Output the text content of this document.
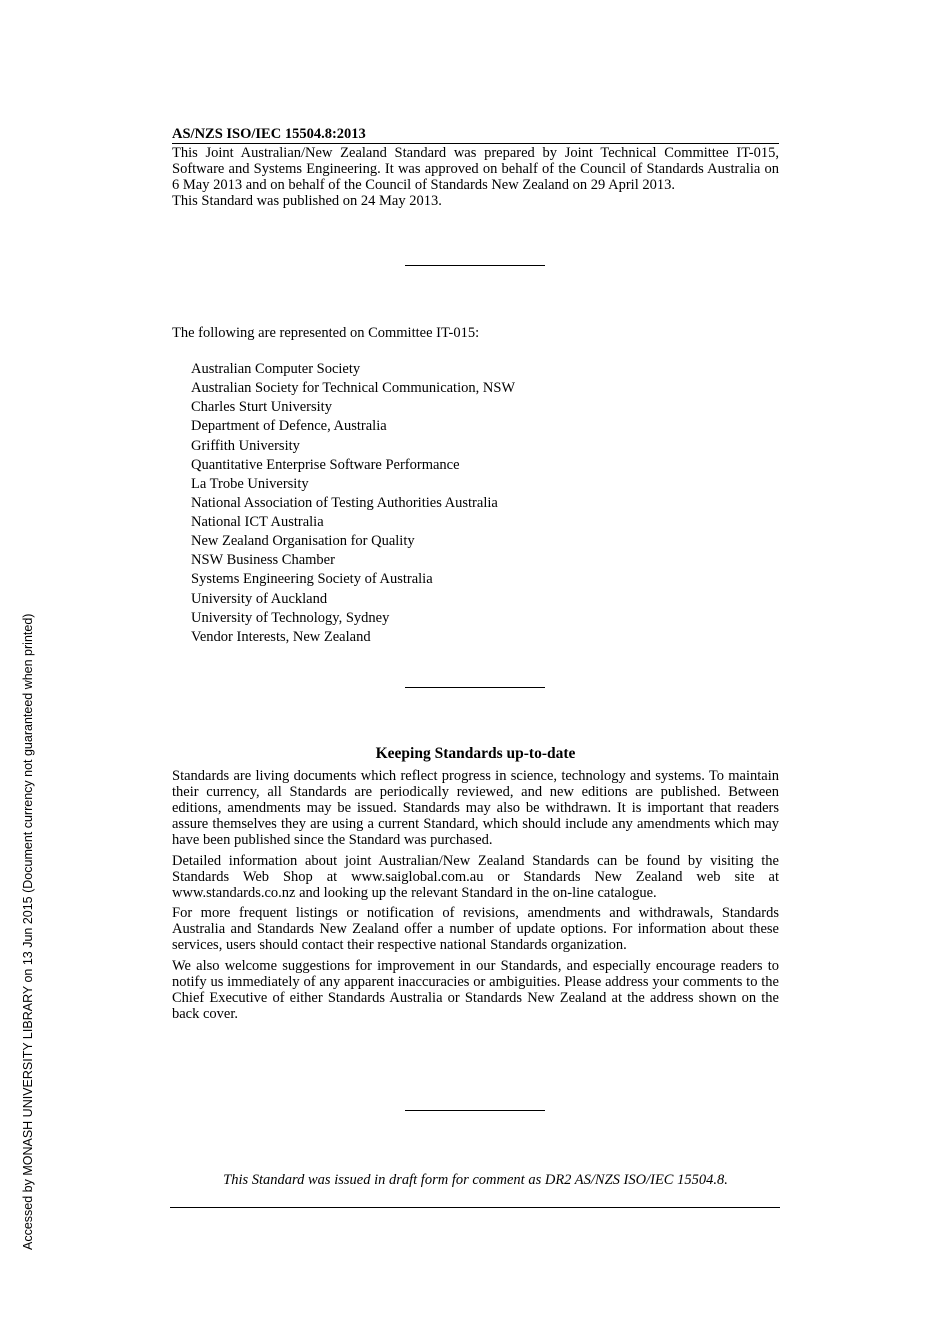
Accessed by MONASH UNIVERSITY LIBRARY on 13 Jun 2015 (Document currency not guaranteed when printed)
AS/NZS ISO/IEC 15504.8:2013

This Joint Australian/New Zealand Standard was prepared by Joint Technical Committee IT-015, Software and Systems Engineering. It was approved on behalf of the Council of Standards Australia on 6 May 2013 and on behalf of the Council of Standards New Zealand on 29 April 2013.

This Standard was published on 24 May 2013.

The following are represented on Committee IT-015:
Australian Computer Society
Australian Society for Technical Communication, NSW
Charles Sturt University
Department of Defence, Australia
Griffith University
Quantitative Enterprise Software Performance
La Trobe University
National Association of Testing Authorities Australia
National ICT Australia
New Zealand Organisation for Quality
NSW Business Chamber
Systems Engineering Society of Australia
University of Auckland
University of Technology, Sydney
Vendor Interests, New Zealand
Keeping Standards up-to-date

Standards are living documents which reflect progress in science, technology and systems. To maintain their currency, all Standards are periodically reviewed, and new editions are published. Between editions, amendments may be issued. Standards may also be withdrawn. It is important that readers assure themselves they are using a current Standard, which should include any amendments which may have been published since the Standard was purchased.

Detailed information about joint Australian/New Zealand Standards can be found by visiting the Standards Web Shop at www.saiglobal.com.au or Standards New Zealand web site at www.standards.co.nz and looking up the relevant Standard in the on-line catalogue.

For more frequent listings or notification of revisions, amendments and withdrawals, Standards Australia and Standards New Zealand offer a number of update options. For information about these services, users should contact their respective national Standards organization.

We also welcome suggestions for improvement in our Standards, and especially encourage readers to notify us immediately of any apparent inaccuracies or ambiguities. Please address your comments to the Chief Executive of either Standards Australia or Standards New Zealand at the address shown on the back cover.

This Standard was issued in draft form for comment as DR2 AS/NZS ISO/IEC 15504.8.
